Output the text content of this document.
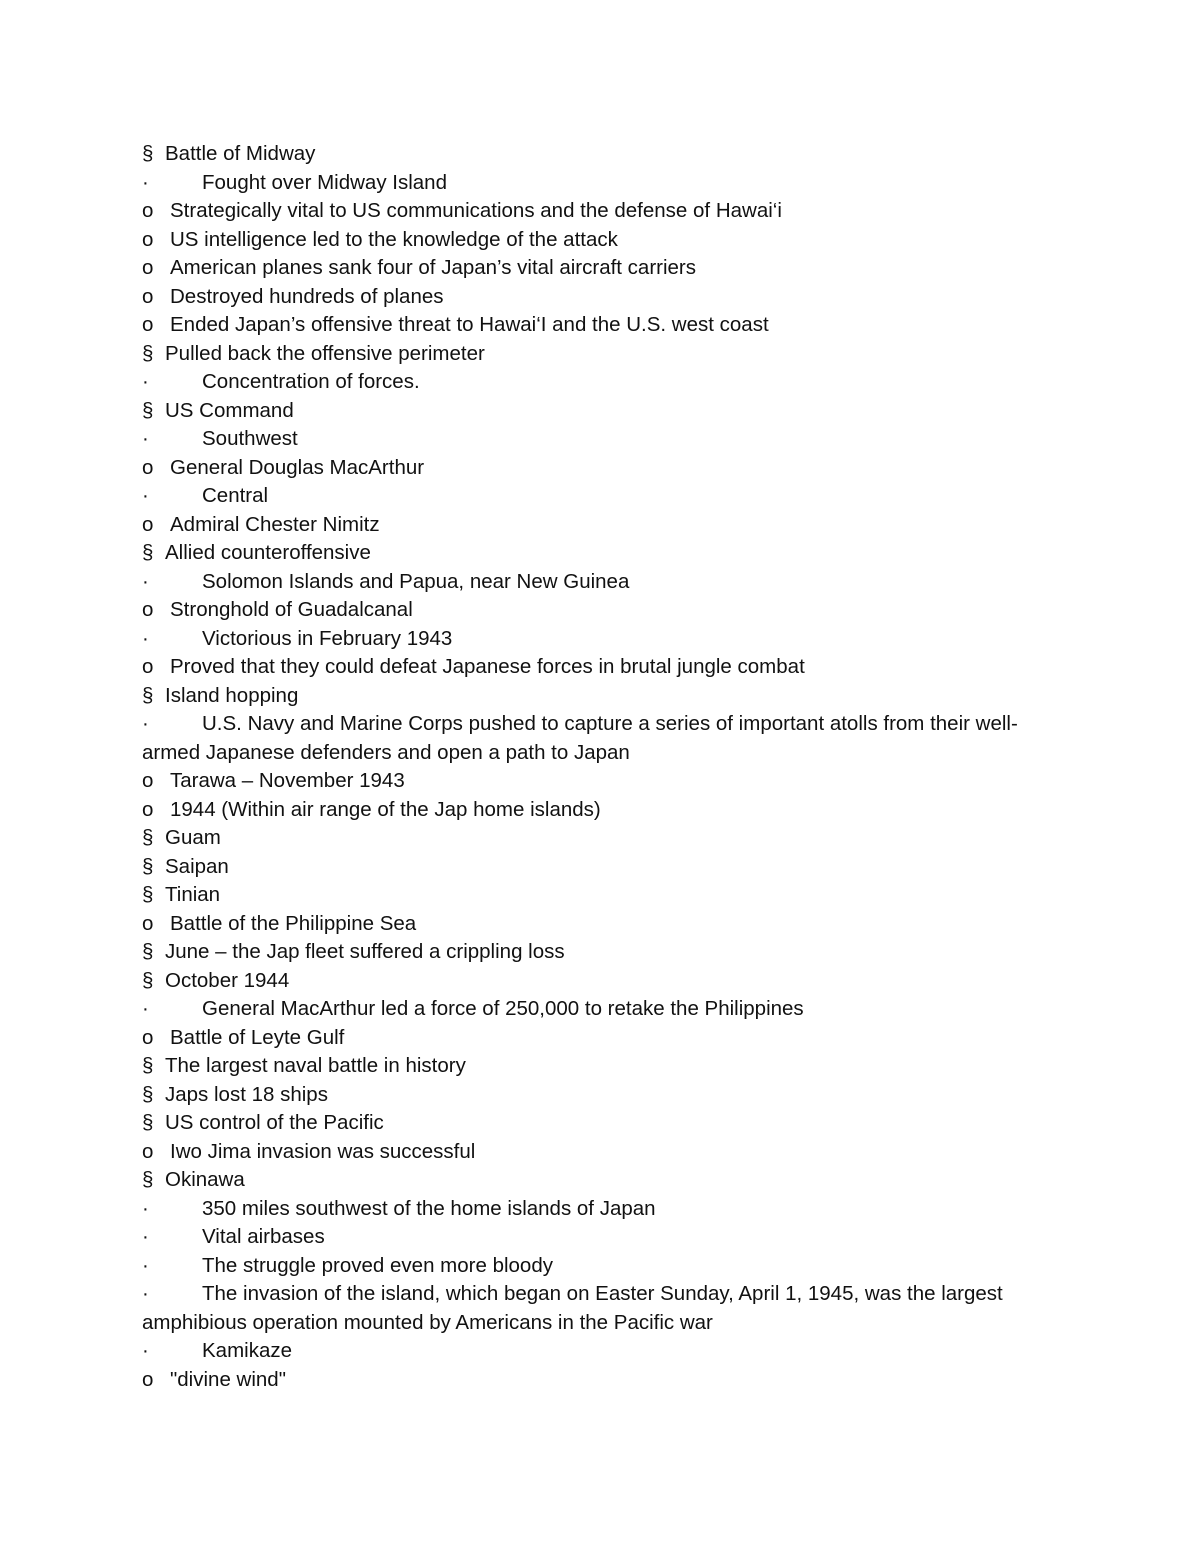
§ Battle of Midway
·	Fought over Midway Island
o Strategically vital to US communications and the defense of Hawai‘i
o US intelligence led to the knowledge of the attack
o American planes sank four of Japan’s vital aircraft carriers
o Destroyed hundreds of planes
o Ended Japan’s offensive threat to Hawai‘I and the U.S. west coast
§ Pulled back the offensive perimeter
·	Concentration of forces.
§ US Command
·	Southwest
o General Douglas MacArthur
·	Central
o Admiral Chester Nimitz
§ Allied counteroffensive
·	Solomon Islands and Papua, near New Guinea
o Stronghold of Guadalcanal
·	Victorious in February 1943
o Proved that they could defeat Japanese forces in brutal jungle combat
§ Island hopping
·	U.S. Navy and Marine Corps pushed to capture a series of important atolls from their well-armed Japanese defenders and open a path to Japan
o Tarawa – November 1943
o 1944 (Within air range of the Jap home islands)
§ Guam
§ Saipan
§ Tinian
o Battle of the Philippine Sea
§ June – the Jap fleet suffered a crippling loss
§ October 1944
·	General MacArthur led a force of 250,000 to retake the Philippines
o Battle of Leyte Gulf
§ The largest naval battle in history
§ Japs lost 18 ships
§ US control of the Pacific
o Iwo Jima invasion was successful
§ Okinawa
·	350 miles southwest of the home islands of Japan
·	Vital airbases
·	The struggle proved even more bloody
·	The invasion of the island, which began on Easter Sunday, April 1, 1945, was the largest amphibious operation mounted by Americans in the Pacific war
·	Kamikaze
o "divine wind"
